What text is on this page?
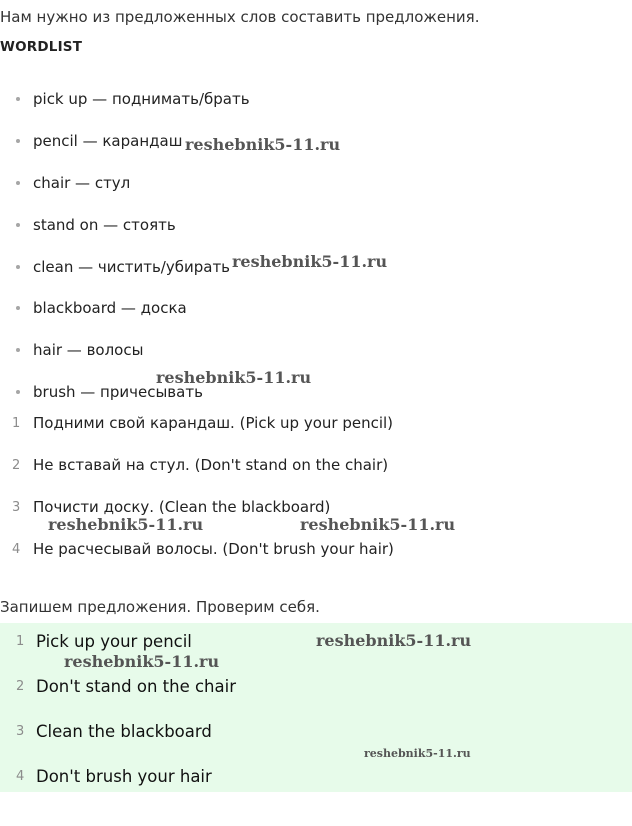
Нам нужно из предложенных слов составить предложения.
WORDLIST
pick up — поднимать/брать
pencil — карандаш
chair — стул
stand on — стоять
clean — чистить/убирать
blackboard — доска
hair — волосы
brush — причесывать
1 Подними свой карандаш. (Pick up your pencil)
2 Не вставай на стул. (Don't stand on the chair)
3 Почисти доску. (Clean the blackboard)
4 Не расчесывай волосы. (Don't brush your hair)
Запишем предложения. Проверим себя.
1 Pick up your pencil
2 Don't stand on the chair
3 Clean the blackboard
4 Don't brush your hair
reshebnik5-11.ru
reshebnik5-11.ru
reshebnik5-11.ru
reshebnik5-11.ru	reshebnik5-11.ru
reshebnik5-11.ru
reshebnik5-11.ru
reshebnik5-11.ru
